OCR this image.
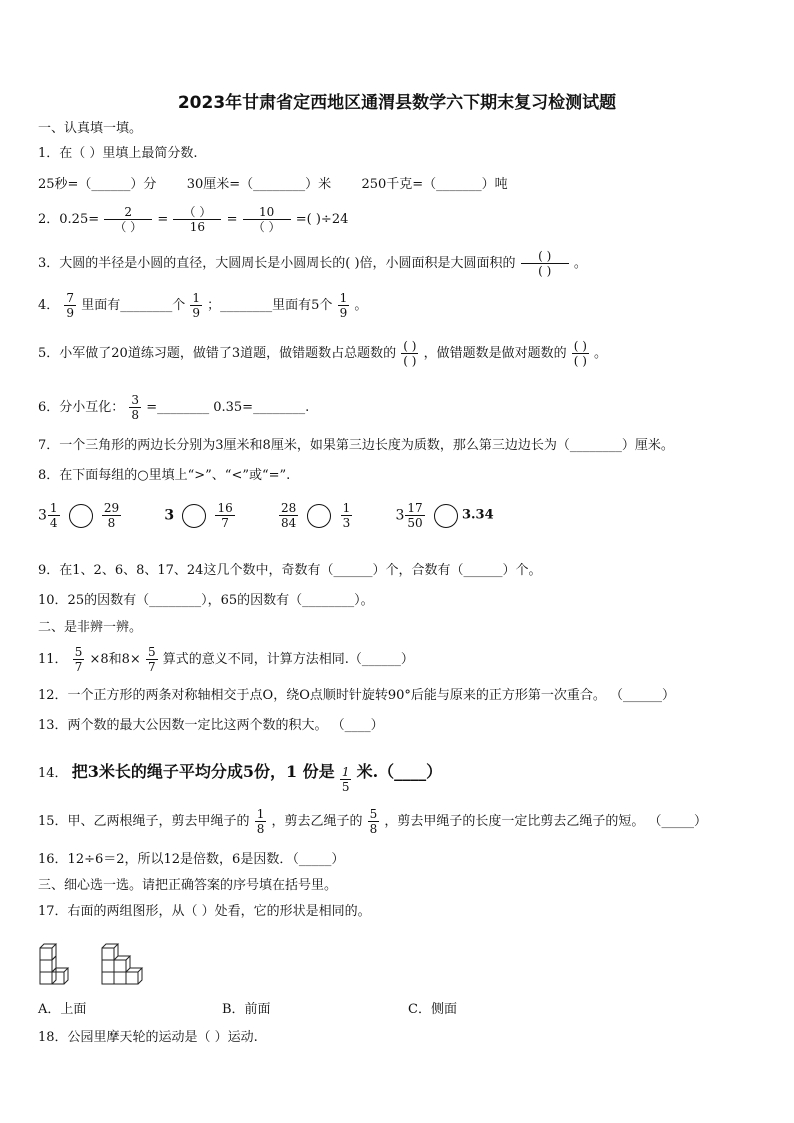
2023年甘肃省定西地区通渭县数学六下期末复习检测试题
一、认真填一填。
1．在（ ）里填上最简分数.
25秒=（______）分 30厘米=（________）米 250千克=（_______）吨
2．$0.25= \frac{2}{( )} = \frac{( )}{16} = \frac{10}{( )}$ =( )÷24
3．大圆的半径是小圆的直径，大圆周长是小圆周长的( )倍，小圆面积是大圆面积的 $\frac{( )}{( )}$ 。
4． $\frac{7}{9}$ 里面有________个 $\frac{1}{9}$ ；________里面有5个 $\frac{1}{9}$ 。
5．小军做了20道练习题，做错了3道题，做错题数占总题数的 $\frac{( )}{( )}$ ，做错题数是做对题数的 $\frac{( )}{( )}$ 。
6．分小互化： $\frac{3}{8}$ =________ 0.35=________.
7．一个三角形的两边长分别为3厘米和8厘米，如果第三边长度为质数，那么第三边边长为（________）厘米。
8．在下面每组的○里填上“>”、“<”或“=”.
$3 \frac{1}{4}$
	$\frac{29}{8}$	3	$\frac{16}{7}$
	$\frac{28}{84}$
	$\frac{1}{3}$	$3 \frac{17}{50}$	3.34
9．在1、2、6、8、17、24这几个数中，奇数有（______）个，合数有（______）个。
10．25的因数有（________），65的因数有（________）。
二、是非辨一辨。
11． $\frac{5}{7} \times 8$和$8\times \frac{5}{7}$ 算式的意义不同，计算方法相同.（______）
12．一个正方形的两条对称轴相交于点O，绕O点顺时针旋转90°后能与原来的正方形第一次重合。 （______）
13．两个数的最大公因数一定比这两个数的积大。 （____）
14． 把3米长的绳子平均分成5份，1 份是 $\frac{1}{5}$ 米.（____）
15．甲、乙两根绳子，剪去甲绳子的 $\frac{1}{8}$ ，剪去乙绳子的 $\frac{5}{8}$ ，剪去甲绳子的长度一定比剪去乙绳子的短。 （_____）
16．12÷6＝2，所以12是倍数，6是因数．（_____）
三、细心选一选。请把正确答案的序号填在括号里。
17．右面的两组图形，从（ ）处看，它的形状是相同的。
A．上面	B．前面	C．侧面
18．公园里摩天轮的运动是（ ）运动.
